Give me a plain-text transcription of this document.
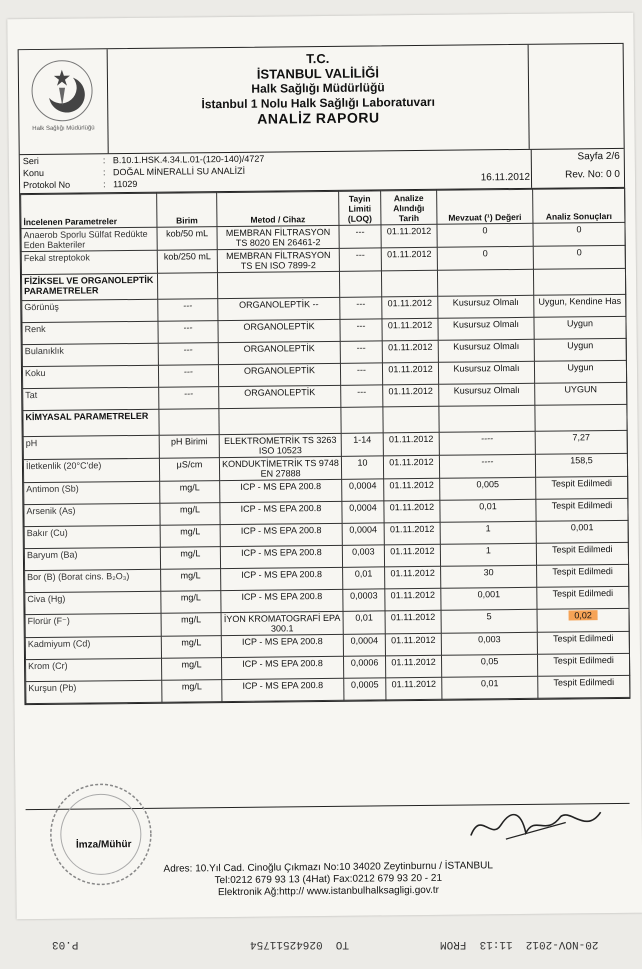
Halk Sağlığı Müdürlüğü
T.C.
İSTANBUL VALİLİĞİ
Halk Sağlığı Müdürlüğü
İstanbul 1 Nolu Halk Sağlığı Laboratuvarı
ANALİZ RAPORU
Seri	: B.10.1.HSK.4.34.L.01-(120-140)/4727
Konu	: DOĞAL MİNERALLİ SU ANALİZİ
Protokol No	: 11029
Sayfa 2/6
16.11.2012	Rev. No: 0 0
İncelenen Parametreler	Birim	Metod / Cihaz	Tayin Limiti (LOQ)	Analize Alındığı Tarih	Mevzuat (¹) Değeri	Analiz Sonuçları
Anaerob Sporlu Sülfat Redükte Eden Bakteriler	kob/50 mL	MEMBRAN FİLTRASYON TS 8020 EN 26461-2	---	01.11.2012	0	0
Fekal streptokok	kob/250 mL	MEMBRAN FİLTRASYON TS EN ISO 7899-2	---	01.11.2012	0	0
FİZİKSEL VE ORGANOLEPTİK PARAMETRELER						
Görünüş	---	ORGANOLEPTİK --	---	01.11.2012	Kusursuz Olmalı	Uygun, Kendine Has
Renk	---	ORGANOLEPTİK	---	01.11.2012	Kusursuz Olmalı	Uygun
Bulanıklık	---	ORGANOLEPTİK	---	01.11.2012	Kusursuz Olmalı	Uygun
Koku	---	ORGANOLEPTİK	---	01.11.2012	Kusursuz Olmalı	Uygun
Tat	---	ORGANOLEPTİK	---	01.11.2012	Kusursuz Olmalı	UYGUN
KİMYASAL PARAMETRELER						
pH	pH Birimi	ELEKTROMETRİK TS 3263 ISO 10523	1-14	01.11.2012	----	7,27
İletkenlik (20°C'de)	μS/cm	KONDUKTİMETRİK TS 9748 EN 27888	10	01.11.2012	----	158,5
Antimon (Sb)	mg/L	ICP - MS EPA 200.8	0,0004	01.11.2012	0,005	Tespit Edilmedi
Arsenik (As)	mg/L	ICP - MS EPA 200.8	0,0004	01.11.2012	0,01	Tespit Edilmedi
Bakır (Cu)	mg/L	ICP - MS EPA 200.8	0,0004	01.11.2012	1	0,001
Baryum (Ba)	mg/L	ICP - MS EPA 200.8	0,003	01.11.2012	1	Tespit Edilmedi
Bor (B) (Borat cins. B₂O₃)	mg/L	ICP - MS EPA 200.8	0,01	01.11.2012	30	Tespit Edilmedi
Civa (Hg)	mg/L	ICP - MS EPA 200.8	0,0003	01.11.2012	0,001	Tespit Edilmedi
Florür (F⁻)	mg/L	İYON KROMATOGRAFİ EPA 300.1	0,01	01.11.2012	5	0,02
Kadmiyum (Cd)	mg/L	ICP - MS EPA 200.8	0,0004	01.11.2012	0,003	Tespit Edilmedi
Krom (Cr)	mg/L	ICP - MS EPA 200.8	0,0006	01.11.2012	0,05	Tespit Edilmedi
Kurşun (Pb)	mg/L	ICP - MS EPA 200.8	0,0005	01.11.2012	0,01	Tespit Edilmedi
İmza/Mühür
Adres: 10.Yıl Cad. Cinoğlu Çıkmazı No:10 34020 Zeytinburnu / İSTANBUL
Tel:0212 679 93 13 (4Hat) Fax:0212 679 93 20 - 21
Elektronik Ağ:http:// www.istanbulhalksagligi.gov.tr
P.03	TO  0264251175​4	20-NOV-2012  11:13  FROM
